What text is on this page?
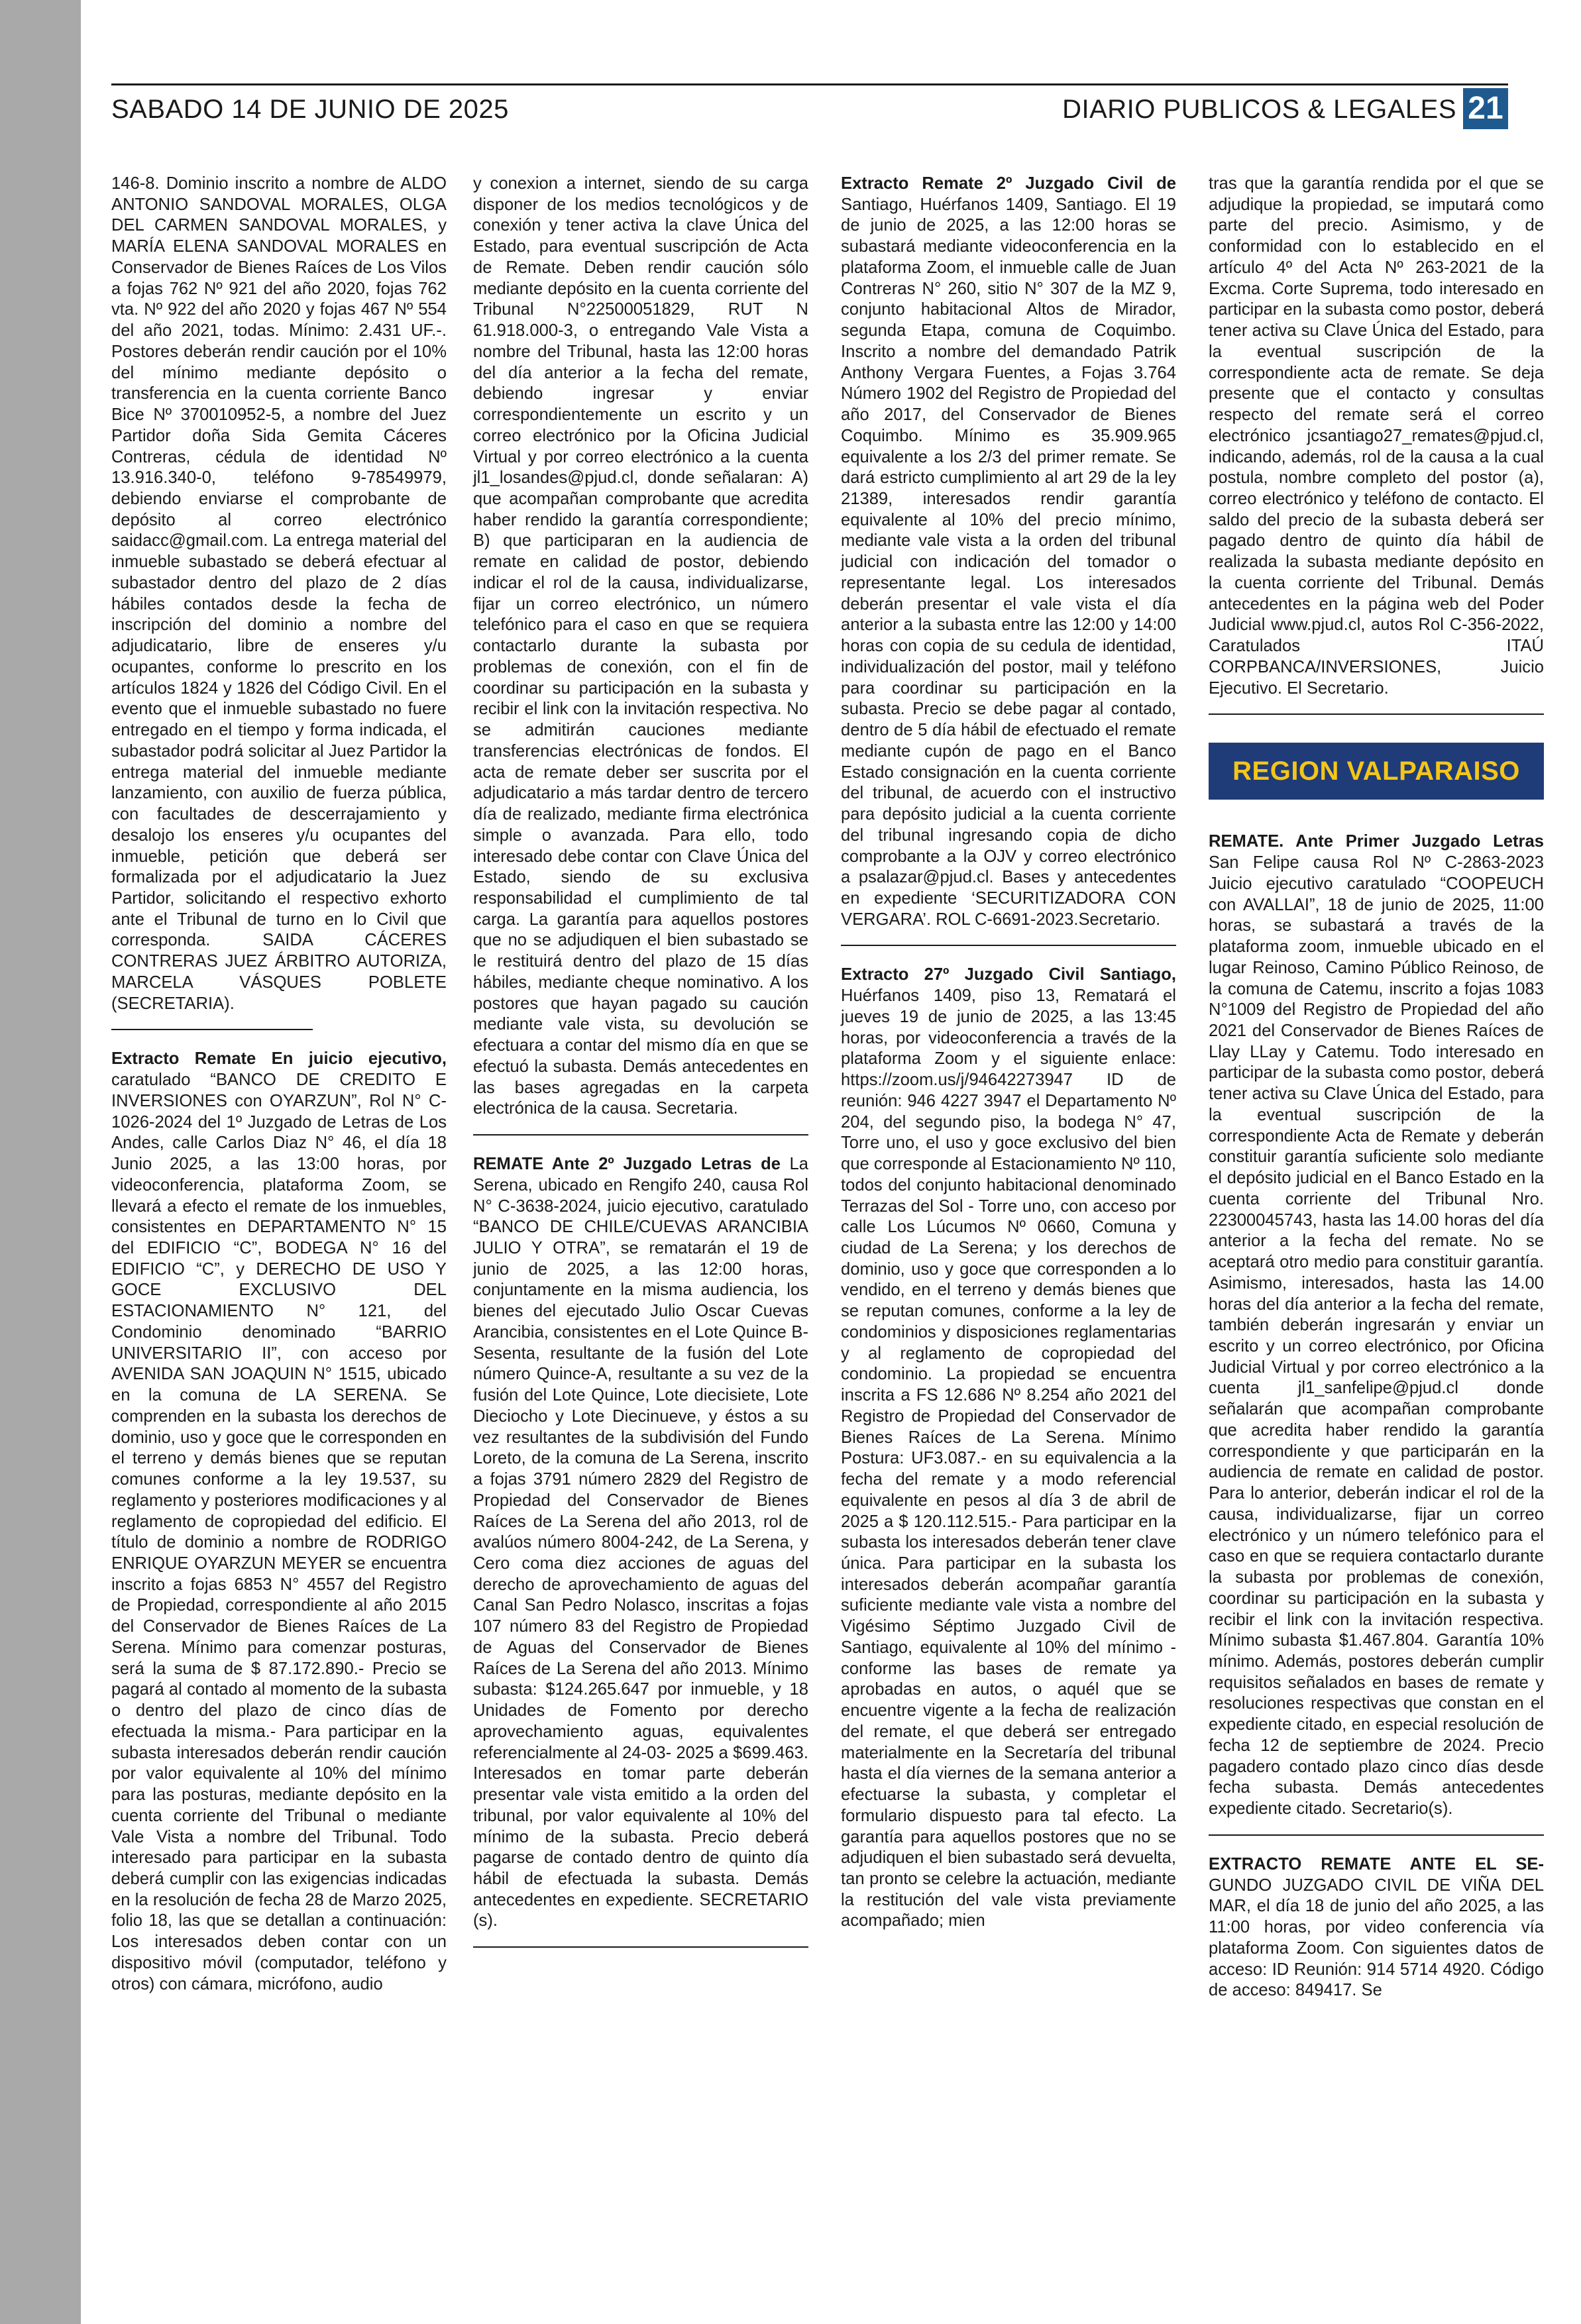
SABADO 14 DE JUNIO DE 2025	DIARIO PUBLICOS & LEGALES 21

146-8. Dominio inscrito a nombre de ALDO ANTONIO SANDOVAL MORALES, OLGA DEL CARMEN SANDOVAL MORALES, y MARÍA ELENA SANDOVAL MORALES en Conservador de Bienes Raíces de Los Vilos a fojas 762 Nº 921 del año 2020, fojas 762 vta. Nº 922 del año 2020 y fojas 467 Nº 554 del año 2021, todas. Mínimo: 2.431 UF.-. Postores deberán rendir caución por el 10% del mínimo mediante depósito o transferencia en la cuenta corriente Banco Bice Nº 370010952-5, a nombre del Juez Partidor doña Sida Gemita Cáceres Contreras, cédula de identidad Nº 13.916.340-0, teléfono 9-78549979, debiendo enviarse el comprobante de depósito al correo electrónico saidacc@gmail.com. La entrega material del inmueble subastado se deberá efectuar al subastador dentro del plazo de 2 días hábiles contados desde la fecha de inscripción del dominio a nombre del adjudicatario, libre de enseres y/u ocupantes, conforme lo prescrito en los artículos 1824 y 1826 del Código Civil. En el evento que el inmueble subastado no fuere entregado en el tiempo y forma indicada, el subastador podrá solicitar al Juez Partidor la entrega material del inmueble mediante lanzamiento, con auxilio de fuerza pública, con facultades de descerrajamiento y desalojo los enseres y/u ocupantes del inmueble, petición que deberá ser formalizada por el adjudicatario la Juez Partidor, solicitando el respectivo exhorto ante el Tribunal de turno en lo Civil que corresponda. SAIDA CÁCERES CONTRERAS JUEZ ÁRBITRO AUTORIZA, MARCELA VÁSQUES POBLETE (SECRETARIA).

Extracto Remate En juicio ejecutivo, caratulado “BANCO DE CREDITO E INVERSIONES con OYARZUN”, Rol N° C-1026-2024 del 1º Juzgado de Letras de Los Andes, calle Carlos Diaz N° 46, el día 18 Junio 2025, a las 13:00 horas, por videoconferencia, plataforma Zoom, se llevará a efecto el remate de los inmuebles, consistentes en DEPARTAMENTO N° 15 del EDIFICIO “C”, BODEGA N° 16 del EDIFICIO “C”, y DERECHO DE USO Y GOCE EXCLUSIVO DEL ESTACIONAMIENTO N° 121, del Condominio denominado “BARRIO UNIVERSITARIO II”, con acceso por AVENIDA SAN JOAQUIN N° 1515, ubicado en la comuna de LA SERENA. Se comprenden en la subasta los derechos de dominio, uso y goce que le corresponden en el terreno y demás bienes que se reputan comunes conforme a la ley 19.537, su reglamento y posteriores modificaciones y al reglamento de copropiedad del edificio. El título de dominio a nombre de RODRIGO ENRIQUE OYARZUN MEYER se encuentra inscrito a fojas 6853 N° 4557 del Registro de Propiedad, correspondiente al año 2015 del Conservador de Bienes Raíces de La Serena. Mínimo para comenzar posturas, será la suma de $ 87.172.890.- Precio se pagará al contado al momento de la subasta o dentro del plazo de cinco días de efectuada la misma.- Para participar en la subasta interesados deberán rendir caución por valor equivalente al 10% del mínimo para las posturas, mediante depósito en la cuenta corriente del Tribunal o mediante Vale Vista a nombre del Tribunal. Todo interesado para participar en la subasta deberá cumplir con las exigencias indicadas en la resolución de fecha 28 de Marzo 2025, folio 18, las que se detallan a continuación: Los interesados deben contar con un dispositivo móvil (computador, teléfono y otros) con cámara, micrófono, audio

y conexion a internet, siendo de su carga disponer de los medios tecnológicos y de conexión y tener activa la clave Única del Estado, para eventual suscripción de Acta de Remate. Deben rendir caución sólo mediante depósito en la cuenta corriente del Tribunal N°22500051829, RUT N 61.918.000-3, o entregando Vale Vista a nombre del Tribunal, hasta las 12:00 horas del día anterior a la fecha del remate, debiendo ingresar y enviar correspondientemente un escrito y un correo electrónico por la Oficina Judicial Virtual y por correo electrónico a la cuenta jl1_losandes@pjud.cl, donde señalaran: A) que acompañan comprobante que acredita haber rendido la garantía correspondiente; B) que participaran en la audiencia de remate en calidad de postor, debiendo indicar el rol de la causa, individualizarse, fijar un correo electrónico, un número telefónico para el caso en que se requiera contactarlo durante la subasta por problemas de conexión, con el fin de coordinar su participación en la subasta y recibir el link con la invitación respectiva. No se admitirán cauciones mediante transferencias electrónicas de fondos. El acta de remate deber ser suscrita por el adjudicatario a más tardar dentro de tercero día de realizado, mediante firma electrónica simple o avanzada. Para ello, todo interesado debe contar con Clave Única del Estado, siendo de su exclusiva responsabilidad el cumplimiento de tal carga. La garantía para aquellos postores que no se adjudiquen el bien subastado se le restituirá dentro del plazo de 15 días hábiles, mediante cheque nominativo. A los postores que hayan pagado su caución mediante vale vista, su devolución se efectuara a contar del mismo día en que se efectuó la subasta. Demás antecedentes en las bases agregadas en la carpeta electrónica de la causa. Secretaria.

REMATE Ante 2º Juzgado Letras de La Serena, ubicado en Rengifo 240, causa Rol N° C-3638-2024, juicio ejecutivo, caratulado “BANCO DE CHILE/CUEVAS ARANCIBIA JULIO Y OTRA”, se rematarán el 19 de junio de 2025, a las 12:00 horas, conjuntamente en la misma audiencia, los bienes del ejecutado Julio Oscar Cuevas Arancibia, consistentes en el Lote Quince B-Sesenta, resultante de la fusión del Lote número Quince-A, resultante a su vez de la fusión del Lote Quince, Lote diecisiete, Lote Dieciocho y Lote Diecinueve, y éstos a su vez resultantes de la subdivisión del Fundo Loreto, de la comuna de La Serena, inscrito a fojas 3791 número 2829 del Registro de Propiedad del Conservador de Bienes Raíces de La Serena del año 2013, rol de avalúos número 8004-242, de La Serena, y Cero coma diez acciones de aguas del derecho de aprovechamiento de aguas del Canal San Pedro Nolasco, inscritas a fojas 107 número 83 del Registro de Propiedad de Aguas del Conservador de Bienes Raíces de La Serena del año 2013. Mínimo subasta: $124.265.647 por inmueble, y 18 Unidades de Fomento por derecho aprovechamiento aguas, equivalentes referencialmente al 24-03- 2025 a $699.463. Interesados en tomar parte deberán presentar vale vista emitido a la orden del tribunal, por valor equivalente al 10% del mínimo de la subasta. Precio deberá pagarse de contado dentro de quinto día hábil de efectuada la subasta. Demás antecedentes en expediente. SECRETARIO (s).

Extracto Remate 2º Juzgado Civil de Santiago, Huérfanos 1409, Santiago. El 19 de junio de 2025, a las 12:00 horas se subastará mediante videoconferencia en la plataforma Zoom, el inmueble calle de Juan Contreras N° 260, sitio N° 307 de la MZ 9, conjunto habitacional Altos de Mirador, segunda Etapa, comuna de Coquimbo. Inscrito a nombre del demandado Patrik Anthony Vergara Fuentes, a Fojas 3.764 Número 1902 del Registro de Propiedad del año 2017, del Conservador de Bienes Coquimbo. Mínimo es 35.909.965 equivalente a los 2/3 del primer remate. Se dará estricto cumplimiento al art 29 de la ley 21389, interesados rendir garantía equivalente al 10% del precio mínimo, mediante vale vista a la orden del tribunal judicial con indicación del tomador o representante legal. Los interesados deberán presentar el vale vista el día anterior a la subasta entre las 12:00 y 14:00 horas con copia de su cedula de identidad, individualización del postor, mail y teléfono para coordinar su participación en la subasta. Precio se debe pagar al contado, dentro de 5 día hábil de efectuado el remate mediante cupón de pago en el Banco Estado consignación en la cuenta corriente del tribunal, de acuerdo con el instructivo para depósito judicial a la cuenta corriente del tribunal ingresando copia de dicho comprobante a la OJV y correo electrónico a psalazar@pjud.cl. Bases y antecedentes en expediente ‘SECURITIZADORA CON VERGARA’. ROL C-6691-2023.Secretario.

Extracto 27º Juzgado Civil Santiago, Huérfanos 1409, piso 13, Rematará el jueves 19 de junio de 2025, a las 13:45 horas, por videoconferencia a través de la plataforma Zoom y el siguiente enlace: https://zoom.us/j/94642273947 ID de reunión: 946 4227 3947 el Departamento Nº 204, del segundo piso, la bodega N° 47, Torre uno, el uso y goce exclusivo del bien que corresponde al Estacionamiento Nº 110, todos del conjunto habitacional denominado Terrazas del Sol - Torre uno, con acceso por calle Los Lúcumos Nº 0660, Comuna y ciudad de La Serena; y los derechos de dominio, uso y goce que corresponden a lo vendido, en el terreno y demás bienes que se reputan comunes, conforme a la ley de condominios y disposiciones reglamentarias y al reglamento de copropiedad del condominio. La propiedad se encuentra inscrita a FS 12.686 Nº 8.254 año 2021 del Registro de Propiedad del Conservador de Bienes Raíces de La Serena. Mínimo Postura: UF3.087.- en su equivalencia a la fecha del remate y a modo referencial equivalente en pesos al día 3 de abril de 2025 a $ 120.112.515.- Para participar en la subasta los interesados deberán tener clave única. Para participar en la subasta los interesados deberán acompañar garantía suficiente mediante vale vista a nombre del Vigésimo Séptimo Juzgado Civil de Santiago, equivalente al 10% del mínimo -conforme las bases de remate ya aprobadas en autos, o aquél que se encuentre vigente a la fecha de realización del remate, el que deberá ser entregado materialmente en la Secretaría del tribunal hasta el día viernes de la semana anterior a efectuarse la subasta, y completar el formulario dispuesto para tal efecto. La garantía para aquellos postores que no se adjudiquen el bien subastado será devuelta, tan pronto se celebre la actuación, mediante la restitución del vale vista previamente acompañado; mien

tras que la garantía rendida por el que se adjudique la propiedad, se imputará como parte del precio. Asimismo, y de conformidad con lo establecido en el artículo 4º del Acta Nº 263-2021 de la Excma. Corte Suprema, todo interesado en participar en la subasta como postor, deberá tener activa su Clave Única del Estado, para la eventual suscripción de la correspondiente acta de remate. Se deja presente que el contacto y consultas respecto del remate será el correo electrónico jcsantiago27_remates@pjud.cl, indicando, además, rol de la causa a la cual postula, nombre completo del postor (a), correo electrónico y teléfono de contacto. El saldo del precio de la subasta deberá ser pagado dentro de quinto día hábil de realizada la subasta mediante depósito en la cuenta corriente del Tribunal. Demás antecedentes en la página web del Poder Judicial www.pjud.cl, autos Rol C-356-2022, Caratulados ITAÚ CORPBANCA/INVERSIONES, Juicio Ejecutivo. El Secretario.

REGION VALPARAISO

REMATE. Ante Primer Juzgado Letras San Felipe causa Rol Nº C-2863-2023 Juicio ejecutivo caratulado “COOPEUCH con AVALLAI”, 18 de junio de 2025, 11:00 horas, se subastará a través de la plataforma zoom, inmueble ubicado en el lugar Reinoso, Camino Público Reinoso, de la comuna de Catemu, inscrito a fojas 1083 N°1009 del Registro de Propiedad del año 2021 del Conservador de Bienes Raíces de Llay LLay y Catemu. Todo interesado en participar de la subasta como postor, deberá tener activa su Clave Única del Estado, para la eventual suscripción de la correspondiente Acta de Remate y deberán constituir garantía suficiente solo mediante el depósito judicial en el Banco Estado en la cuenta corriente del Tribunal Nro. 22300045743, hasta las 14.00 horas del día anterior a la fecha del remate. No se aceptará otro medio para constituir garantía. Asimismo, interesados, hasta las 14.00 horas del día anterior a la fecha del remate, también deberán ingresarán y enviar un escrito y un correo electrónico, por Oficina Judicial Virtual y por correo electrónico a la cuenta jl1_sanfelipe@pjud.cl donde señalarán que acompañan comprobante que acredita haber rendido la garantía correspondiente y que participarán en la audiencia de remate en calidad de postor. Para lo anterior, deberán indicar el rol de la causa, individualizarse, fijar un correo electrónico y un número telefónico para el caso en que se requiera contactarlo durante la subasta por problemas de conexión, coordinar su participación en la subasta y recibir el link con la invitación respectiva. Mínimo subasta $1.467.804. Garantía 10% mínimo. Además, postores deberán cumplir requisitos señalados en bases de remate y resoluciones respectivas que constan en el expediente citado, en especial resolución de fecha 12 de septiembre de 2024. Precio pagadero contado plazo cinco días desde fecha subasta. Demás antecedentes expediente citado. Secretario(s).

EXTRACTO REMATE ANTE EL SE- GUNDO JUZGADO CIVIL DE VIÑA DEL MAR, el día 18 de junio del año 2025, a las 11:00 horas, por video conferencia vía plataforma Zoom. Con siguientes datos de acceso: ID Reunión: 914 5714 4920. Código de acceso: 849417. Se
